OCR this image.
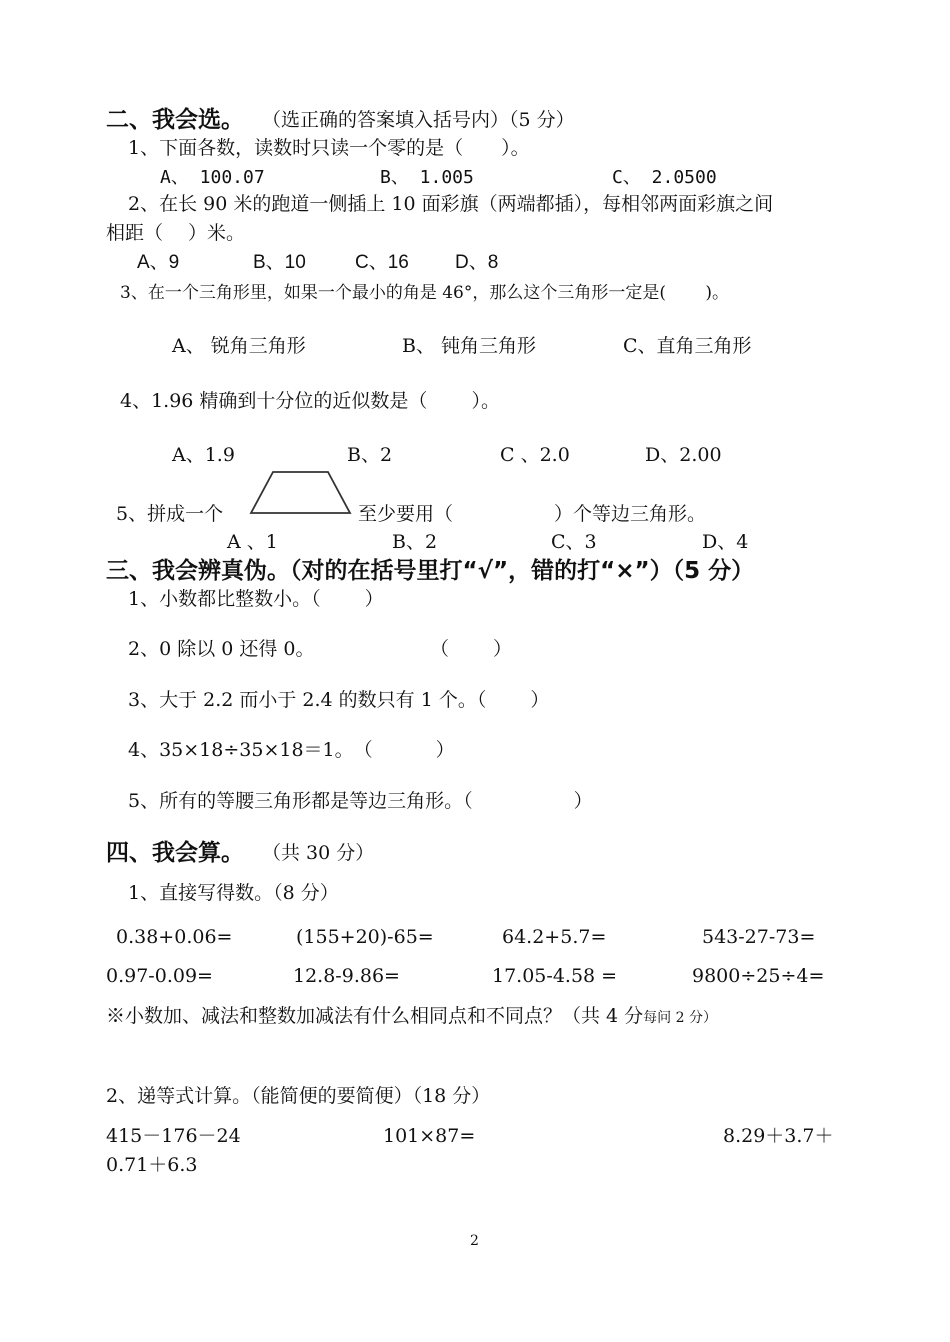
二、我会选。 （选正确的答案填入括号内）（5 分）
1、下面各数，读数时只读一个零的是（　　）。
A、 100.07	B、 1.005	C、 2.0500
2、在长 90 米的跑道一侧插上 10 面彩旗（两端都插），每相邻两面彩旗之间
相距（　 ）米。
A、9	B、10	C、16 D、8
3、在一个三角形里，如果一个最小的角是 46°，那么这个三角形一定是(　　 )。
A、 锐角三角形	B、 钝角三角形	C、直角三角形
4、1.96 精确到十分位的近似数是（　　 ）。
A、1.9	B、2	C 、2.0	D、2.00
5、拼成一个	至少要用（　　　　　 ）个等边三角形。
A 、1	B、2	C、3	D、4
三、我会辨真伪。（对的在括号里打“√”，错的打“×”）（5 分）
1、小数都比整数小。（　　 ）
2、0 除以 0 还得 0。	（　　 ）
3、大于 2.2 而小于 2.4 的数只有 1 个。（　　 ）
4、35×18÷35×18＝1。　（　　　 ）
5、所有的等腰三角形都是等边三角形。（　　　　　 ）
四、我会算。 （共 30 分）
1、直接写得数。（8 分）
0.38+0.06=	(155+20)-65=	64.2+5.7=	543-27-73=
0.97-0.09=	12.8-9.86=	17.05-4.58 =	9800÷25÷4=
※小数加、减法和整数加减法有什么相同点和不同点？（共 4 分每问 2 分）
2、递等式计算。（能简便的要简便）（18 分）
415－176－24	101×87=	8.29＋3.7＋
0.71＋6.3
2
